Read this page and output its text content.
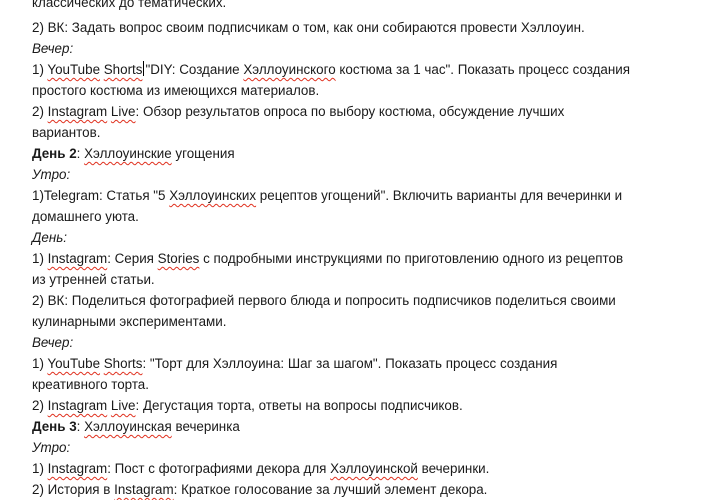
классических до тематических.
2) ВК: Задать вопрос своим подписчикам о том, как они собираются провести Хэллоуин.
Вечер:
1) YouTube Shorts "DIY: Создание Хэллоуинского костюма за 1 час". Показать процесс создания
простого костюма из имеющихся материалов.
2) Instagram Live: Обзор результатов опроса по выбору костюма, обсуждение лучших
вариантов.
День 2: Хэллоуинские угощения
Утро:
1)Telegram: Статья "5 Хэллоуинских рецептов угощений". Включить варианты для вечеринки и
домашнего уюта.
День:
1) Instagram: Серия Stories с подробными инструкциями по приготовлению одного из рецептов
из утренней статьи.
2) ВК: Поделиться фотографией первого блюда и попросить подписчиков поделиться своими
кулинарными экспериментами.
Вечер:
1) YouTube Shorts: "Торт для Хэллоуина: Шаг за шагом". Показать процесс создания
креативного торта.
2) Instagram Live: Дегустация торта, ответы на вопросы подписчиков.
День 3: Хэллоуинская вечеринка
Утро:
1) Instagram: Пост с фотографиями декора для Хэллоуинской вечеринки.
2) История в Instagram: Краткое голосование за лучший элемент декора.
